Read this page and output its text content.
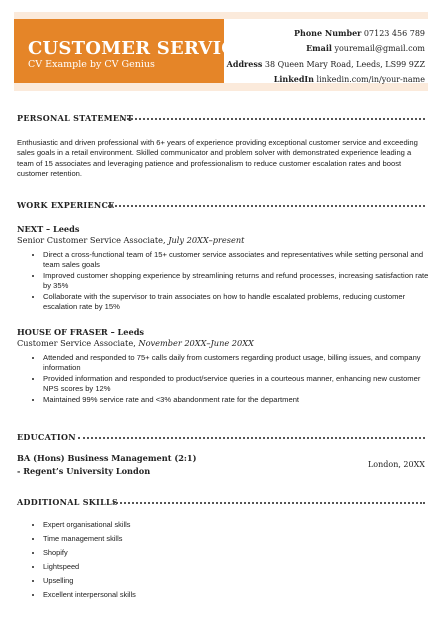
CUSTOMER SERVICE
CV Example by CV Genius
Phone Number 07123 456 789
Email youremail@gmail.com
Address 38 Queen Mary Road, Leeds, LS99 9ZZ
LinkedIn linkedin.com/in/your-name
PERSONAL STATEMENT
Enthusiastic and driven professional with 6+ years of experience providing exceptional customer service and exceeding sales goals in a retail environment. Skilled communicator and problem solver with demonstrated experience leading a team of 15 associates and leveraging patience and professionalism to reduce customer escalation rates and boost customer retention.
WORK EXPERIENCE
NEXT – Leeds
Senior Customer Service Associate, July 20XX–present
• Direct a cross-functional team of 15+ customer service associates and representatives while setting personal and team sales goals
• Improved customer shopping experience by streamlining returns and refund processes, increasing satisfaction rate by 35%
• Collaborate with the supervisor to train associates on how to handle escalated problems, reducing customer escalation rate by 15%
HOUSE OF FRASER – Leeds
Customer Service Associate, November 20XX–June 20XX
• Attended and responded to 75+ calls daily from customers regarding product usage, billing issues, and company information
• Provided information and responded to product/service queries in a courteous manner, enhancing new customer NPS scores by 12%
• Maintained 99% service rate and <3% abandonment rate for the department
EDUCATION
BA (Hons) Business Management (2:1)
- Regent’s University London
London, 20XX
ADDITIONAL SKILLS
• Expert organisational skills
• Time management skills
• Shopify
• Lightspeed
• Upselling
• Excellent interpersonal skills
